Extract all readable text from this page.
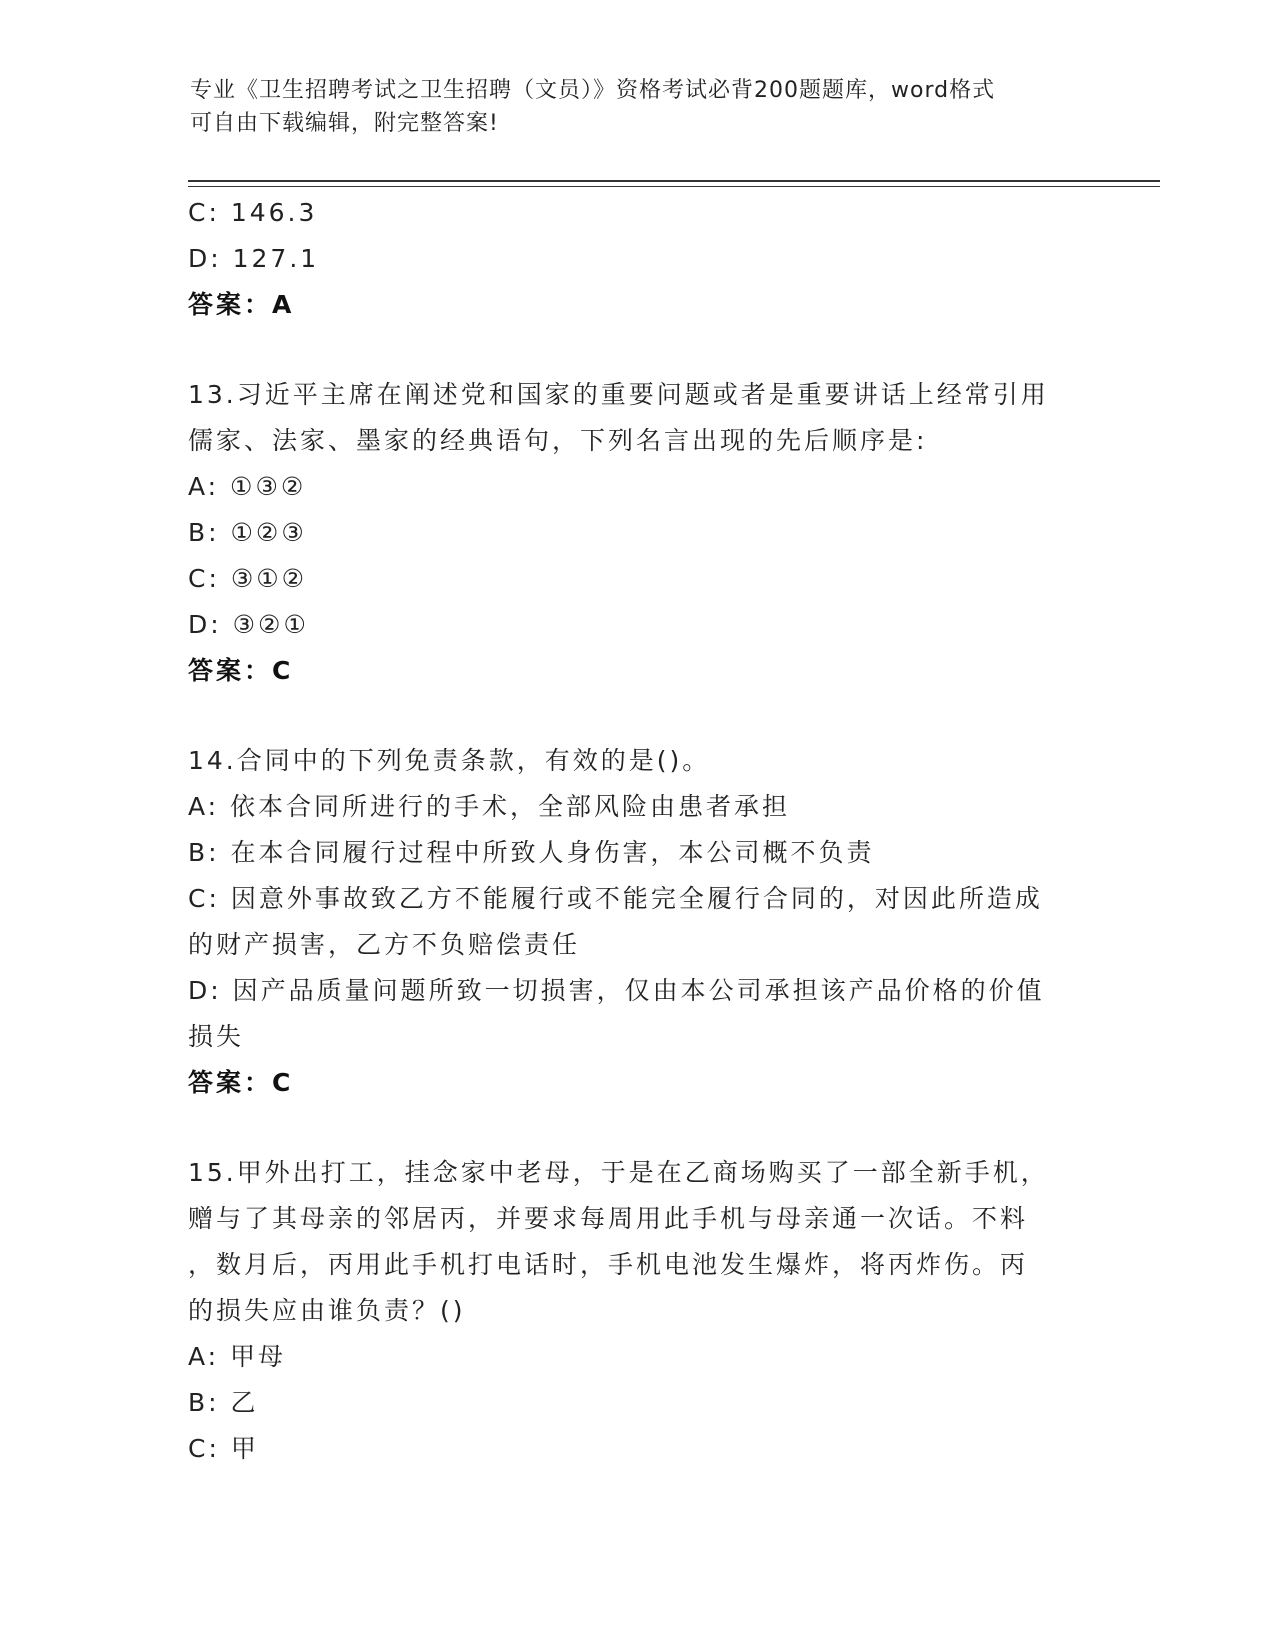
专业《卫生招聘考试之卫生招聘（文员）》资格考试必背200题题库，word格式
可自由下载编辑，附完整答案!
C: 146.3
D: 127.1
答案：A
13.习近平主席在阐述党和国家的重要问题或者是重要讲话上经常引用
儒家、法家、墨家的经典语句，下列名言出现的先后顺序是:
A: ①③②
B: ①②③
C: ③①②
D: ③②①
答案：C
14.合同中的下列免责条款，有效的是()。
A: 依本合同所进行的手术，全部风险由患者承担
B: 在本合同履行过程中所致人身伤害，本公司概不负责
C: 因意外事故致乙方不能履行或不能完全履行合同的，对因此所造成
的财产损害，乙方不负赔偿责任
D: 因产品质量问题所致一切损害，仅由本公司承担该产品价格的价值
损失
答案：C
15.甲外出打工，挂念家中老母，于是在乙商场购买了一部全新手机，
赠与了其母亲的邻居丙，并要求每周用此手机与母亲通一次话。不料
，数月后，丙用此手机打电话时，手机电池发生爆炸，将丙炸伤。丙
的损失应由谁负责？()
A: 甲母
B: 乙
C: 甲
